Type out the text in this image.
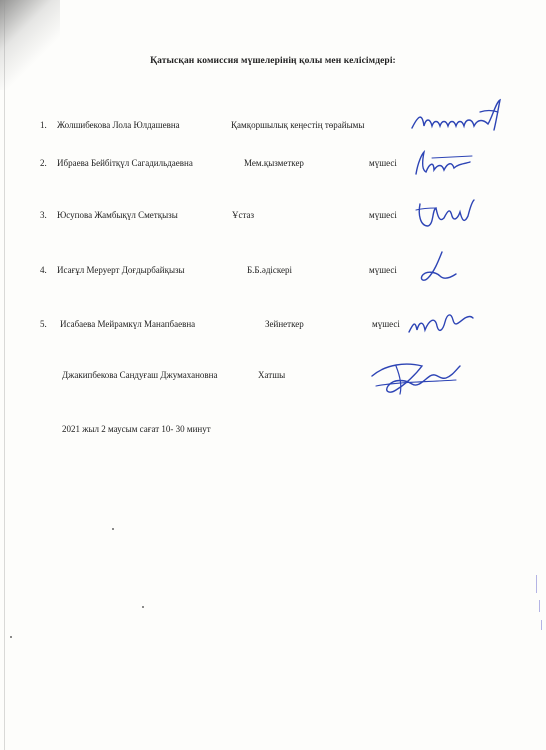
Қатысқан комиссия мүшелерінің қолы мен келісімдері:
1. Жолшибекова Лола Юлдашевна	Қамқоршылық кеңестің төрайымы
2. Ибраева Бейбітқүл Сагадильдаевна	Мем.қызметкер	мүшесі
3. Юсупова Жамбықүл Сметқызы	Ұстаз	мүшесі
4. Исағұл Меруерт Доғдырбайқызы	Б.Б.әдіскері	мүшесі
5. Исабаева Мейрамкүл Манапбаевна	Зейнеткер	мүшесі
Джакипбекова Сандуғаш Джумахановна	Хатшы
2021 жыл 2 маусым сағат 10- 30 минут
